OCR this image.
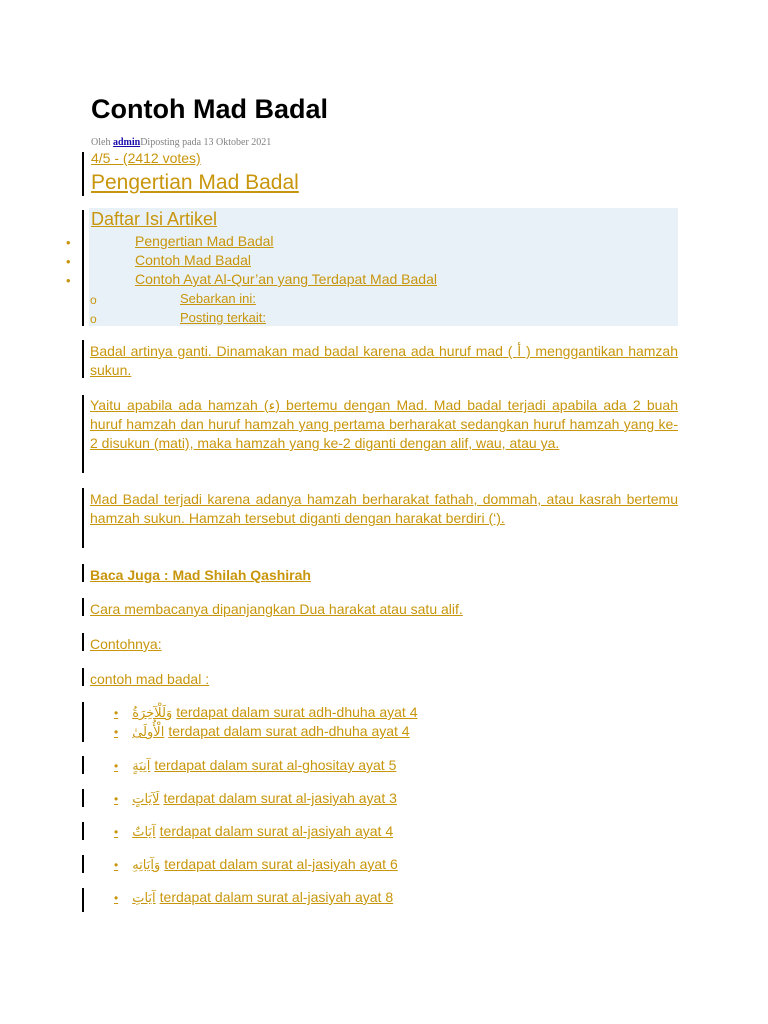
Contoh Mad Badal
Oleh adminDiposting pada 13 Oktober 2021
4/5 - (2412 votes)
Pengertian Mad Badal
Daftar Isi Artikel
•	Pengertian Mad Badal
•	Contoh Mad Badal
•	Contoh Ayat Al-Qur’an yang Terdapat Mad Badal
o	Sebarkan ini:
o	Posting terkait:
Badal artinya ganti. Dinamakan mad badal karena ada huruf mad ( أ ) menggantikan hamzah sukun.
Yaitu apabila ada hamzah (ء) bertemu dengan Mad. Mad badal terjadi apabila ada 2 buah huruf hamzah dan huruf hamzah yang pertama berharakat sedangkan huruf hamzah yang ke-2 disukun (mati), maka hamzah yang ke-2 diganti dengan alif, wau, atau ya.
Mad Badal terjadi karena adanya hamzah berharakat fathah, dommah, atau kasrah bertemu hamzah sukun. Hamzah tersebut diganti dengan harakat berdiri (‘).
Baca Juga : Mad Shilah Qashirah
Cara membacanya dipanjangkan Dua harakat atau satu alif.
Contohnya:
contoh mad badal :
• وَلَلْآخِرَةُ terdapat dalam surat adh-dhuha ayat 4
• الْأُولَىٰ terdapat dalam surat adh-dhuha ayat 4
• آنِيَةٍ terdapat dalam surat al-ghositay ayat 5
• لَآيَاتٍ terdapat dalam surat al-jasiyah ayat 3
• آيَاتٌ terdapat dalam surat al-jasiyah ayat 4
• وَآيَاتِهِ terdapat dalam surat al-jasiyah ayat 6
• آيَاتِ terdapat dalam surat al-jasiyah ayat 8
